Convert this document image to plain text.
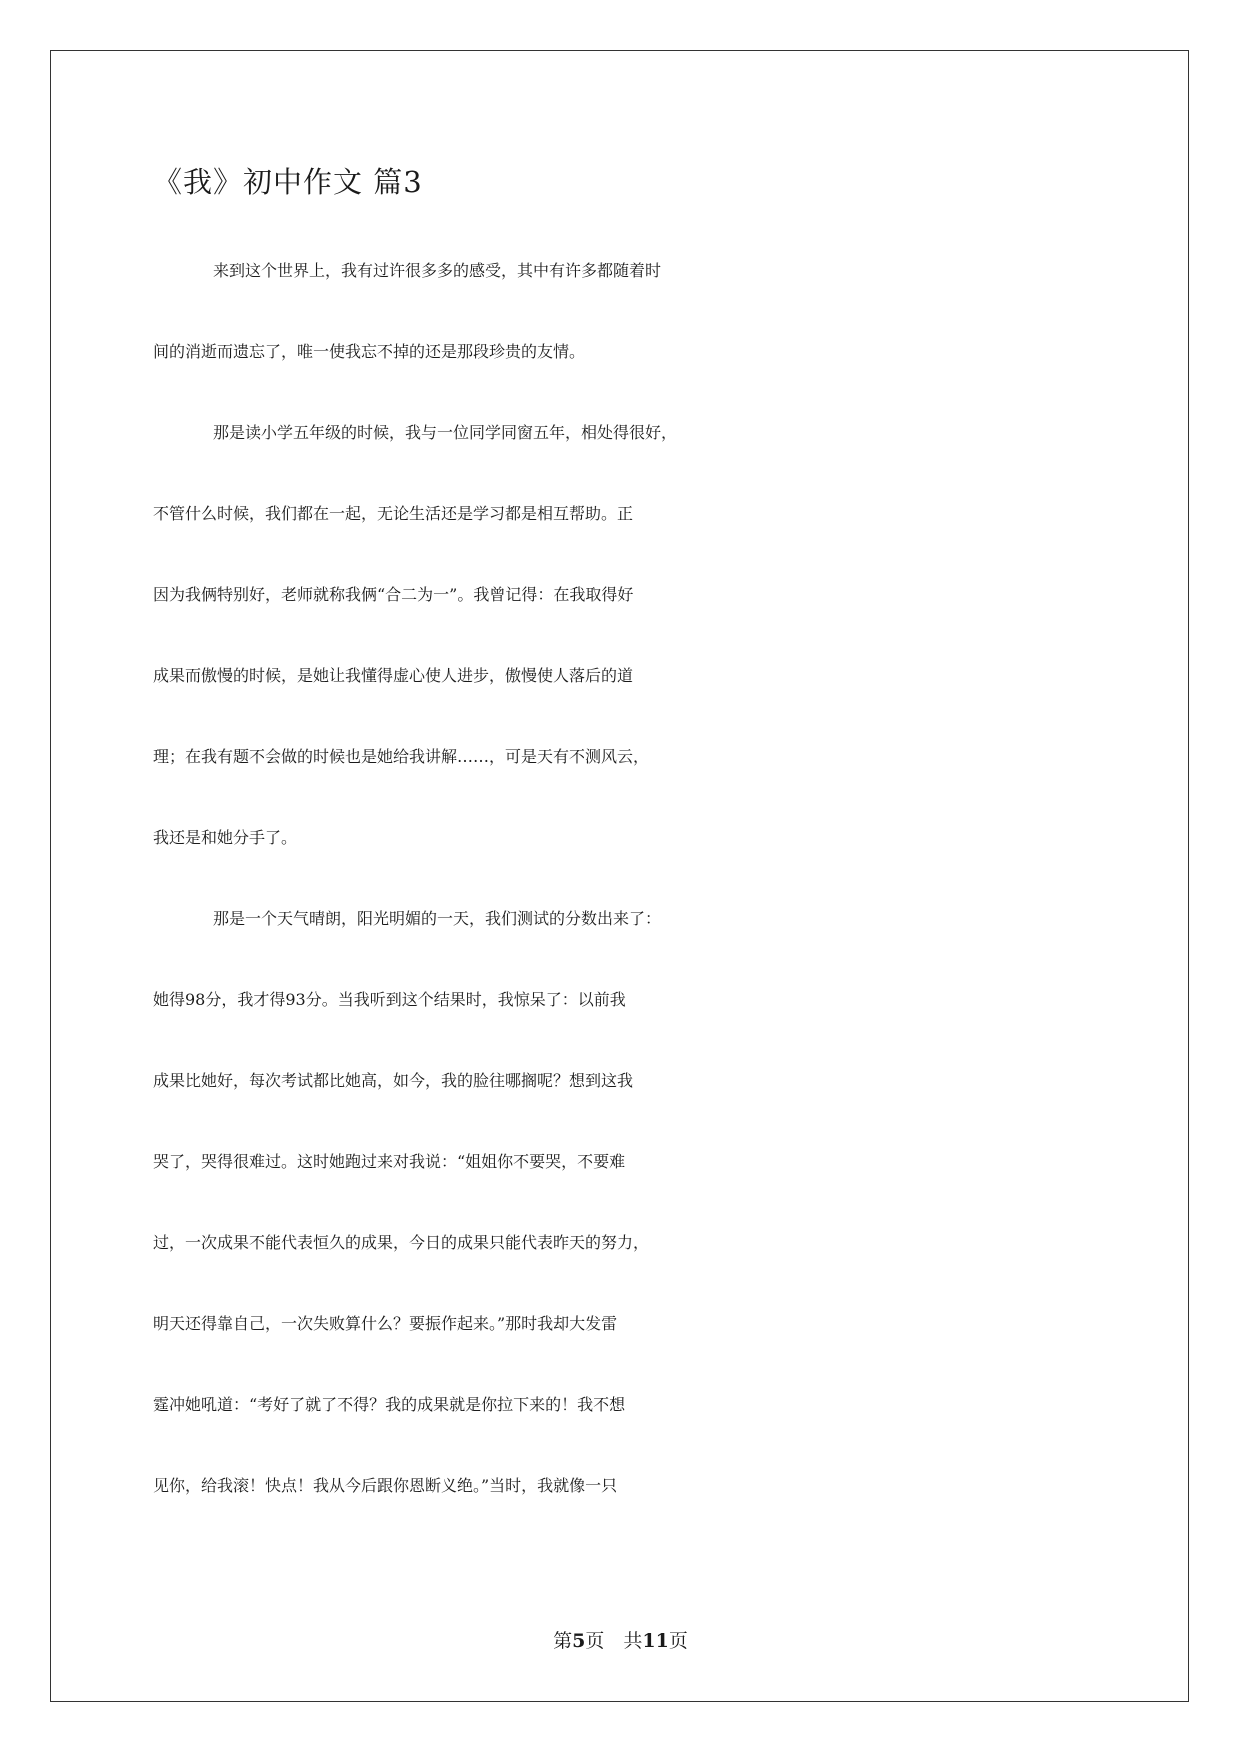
《我》初中作文 篇3
来到这个世界上，我有过许很多多的感受，其中有许多都随着时
间的消逝而遗忘了，唯一使我忘不掉的还是那段珍贵的友情。
那是读小学五年级的时候，我与一位同学同窗五年，相处得很好，
不管什么时候，我们都在一起，无论生活还是学习都是相互帮助。正
因为我俩特别好，老师就称我俩“合二为一”。我曾记得：在我取得好
成果而傲慢的时候，是她让我懂得虚心使人进步，傲慢使人落后的道
理；在我有题不会做的时候也是她给我讲解……，可是天有不测风云，
我还是和她分手了。
那是一个天气晴朗，阳光明媚的一天，我们测试的分数出来了：
她得98分，我才得93分。当我听到这个结果时，我惊呆了：以前我
成果比她好，每次考试都比她高，如今，我的脸往哪搁呢？想到这我
哭了，哭得很难过。这时她跑过来对我说：“姐姐你不要哭，不要难
过，一次成果不能代表恒久的成果，今日的成果只能代表昨天的努力，
明天还得靠自己，一次失败算什么？要振作起来。”那时我却大发雷
霆冲她吼道：“考好了就了不得？我的成果就是你拉下来的！我不想
见你，给我滚！快点！我从今后跟你恩断义绝。”当时，我就像一只
第5页　共11页
